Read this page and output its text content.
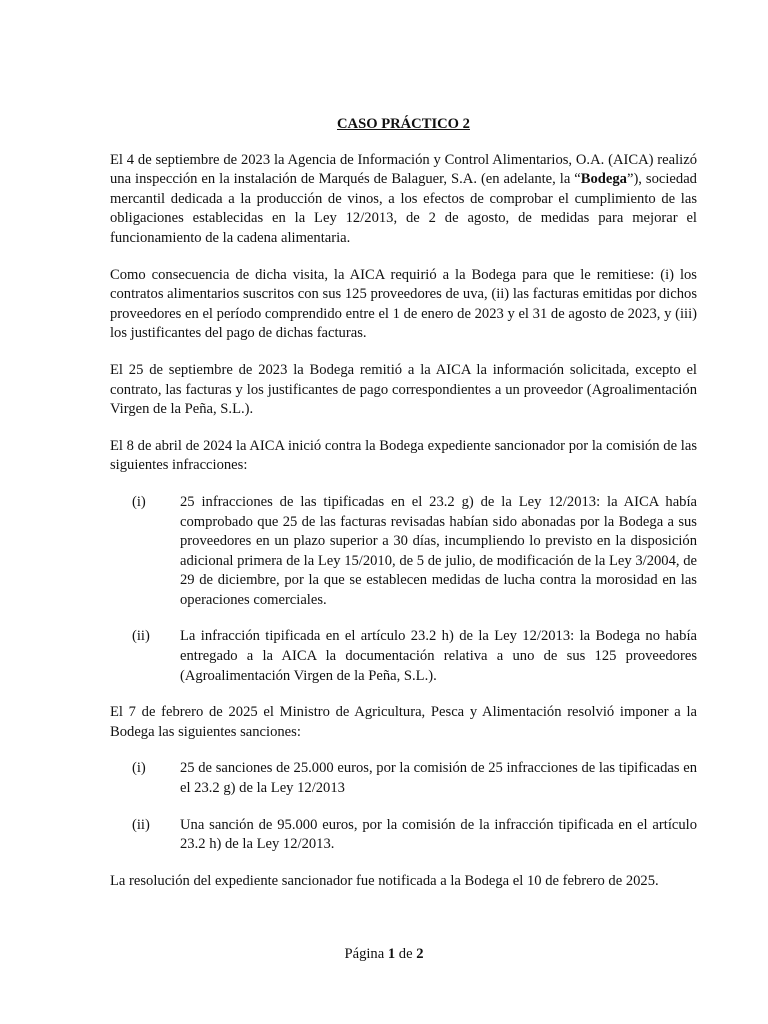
CASO PRÁCTICO 2

El 4 de septiembre de 2023 la Agencia de Información y Control Alimentarios, O.A. (AICA) realizó una inspección en la instalación de Marqués de Balaguer, S.A. (en adelante, la “Bodega”), sociedad mercantil dedicada a la producción de vinos, a los efectos de comprobar el cumplimiento de las obligaciones establecidas en la Ley 12/2013, de 2 de agosto, de medidas para mejorar el funcionamiento de la cadena alimentaria.

Como consecuencia de dicha visita, la AICA requirió a la Bodega para que le remitiese: (i) los contratos alimentarios suscritos con sus 125 proveedores de uva, (ii) las facturas emitidas por dichos proveedores en el período comprendido entre el 1 de enero de 2023 y el 31 de agosto de 2023, y (iii) los justificantes del pago de dichas facturas.

El 25 de septiembre de 2023 la Bodega remitió a la AICA la información solicitada, excepto el contrato, las facturas y los justificantes de pago correspondientes a un proveedor (Agroalimentación Virgen de la Peña, S.L.).

El 8 de abril de 2024 la AICA inició contra la Bodega expediente sancionador por la comisión de las siguientes infracciones:

(i)	25 infracciones de las tipificadas en el 23.2 g) de la Ley 12/2013: la AICA había comprobado que 25 de las facturas revisadas habían sido abonadas por la Bodega a sus proveedores en un plazo superior a 30 días, incumpliendo lo previsto en la disposición adicional primera de la Ley 15/2010, de 5 de julio, de modificación de la Ley 3/2004, de 29 de diciembre, por la que se establecen medidas de lucha contra la morosidad en las operaciones comerciales.
(ii)	La infracción tipificada en el artículo 23.2 h) de la Ley 12/2013: la Bodega no había entregado a la AICA la documentación relativa a uno de sus 125 proveedores (Agroalimentación Virgen de la Peña, S.L.).

El 7 de febrero de 2025 el Ministro de Agricultura, Pesca y Alimentación resolvió imponer a la Bodega las siguientes sanciones:

(i)	25 de sanciones de 25.000 euros, por la comisión de 25 infracciones de las tipificadas en el 23.2 g) de la Ley 12/2013
(ii)	Una sanción de 95.000 euros, por la comisión de la infracción tipificada en el artículo 23.2 h) de la Ley 12/2013.

La resolución del expediente sancionador fue notificada a la Bodega el 10 de febrero de 2025.

Página 1 de 2
